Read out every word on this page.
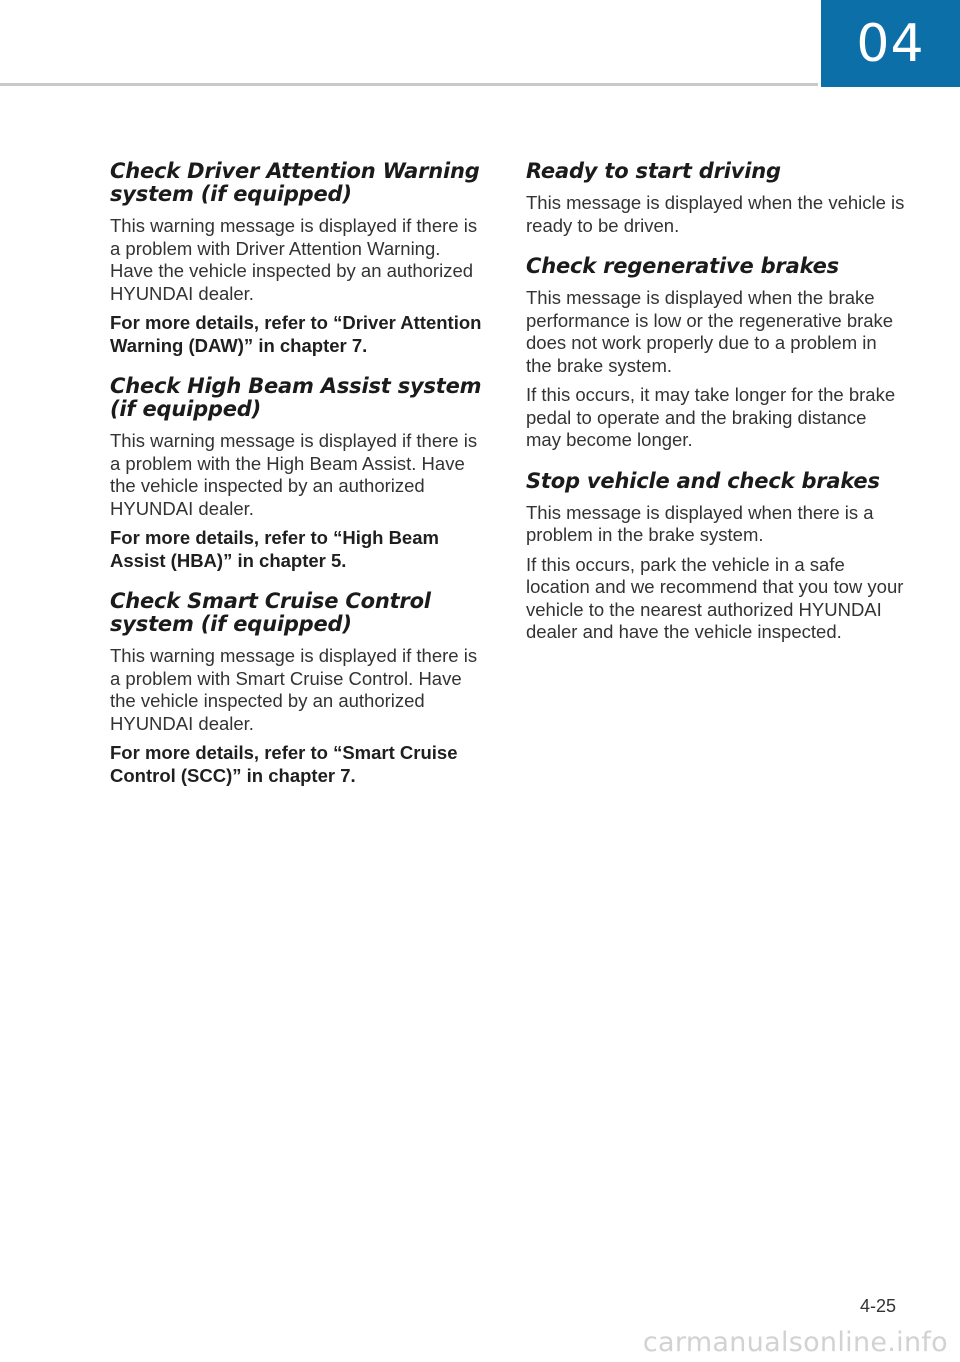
04
Check Driver Attention Warning system (if equipped)

This warning message is displayed if there is a problem with Driver Attention Warning. Have the vehicle inspected by an authorized HYUNDAI dealer.

For more details, refer to “Driver Attention Warning (DAW)” in chapter 7.

Check High Beam Assist system (if equipped)

This warning message is displayed if there is a problem with the High Beam Assist. Have the vehicle inspected by an authorized HYUNDAI dealer.

For more details, refer to “High Beam Assist (HBA)” in chapter 5.

Check Smart Cruise Control system (if equipped)

This warning message is displayed if there is a problem with Smart Cruise Control. Have the vehicle inspected by an authorized HYUNDAI dealer.

For more details, refer to “Smart Cruise Control (SCC)” in chapter 7.

Ready to start driving

This message is displayed when the vehicle is ready to be driven.

Check regenerative brakes

This message is displayed when the brake performance is low or the regenerative brake does not work properly due to a problem in the brake system.

If this occurs, it may take longer for the brake pedal to operate and the braking distance may become longer.

Stop vehicle and check brakes

This message is displayed when there is a problem in the brake system.

If this occurs, park the vehicle in a safe location and we recommend that you tow your vehicle to the nearest authorized HYUNDAI dealer and have the vehicle inspected.

4-25
carmanualsonline.info
